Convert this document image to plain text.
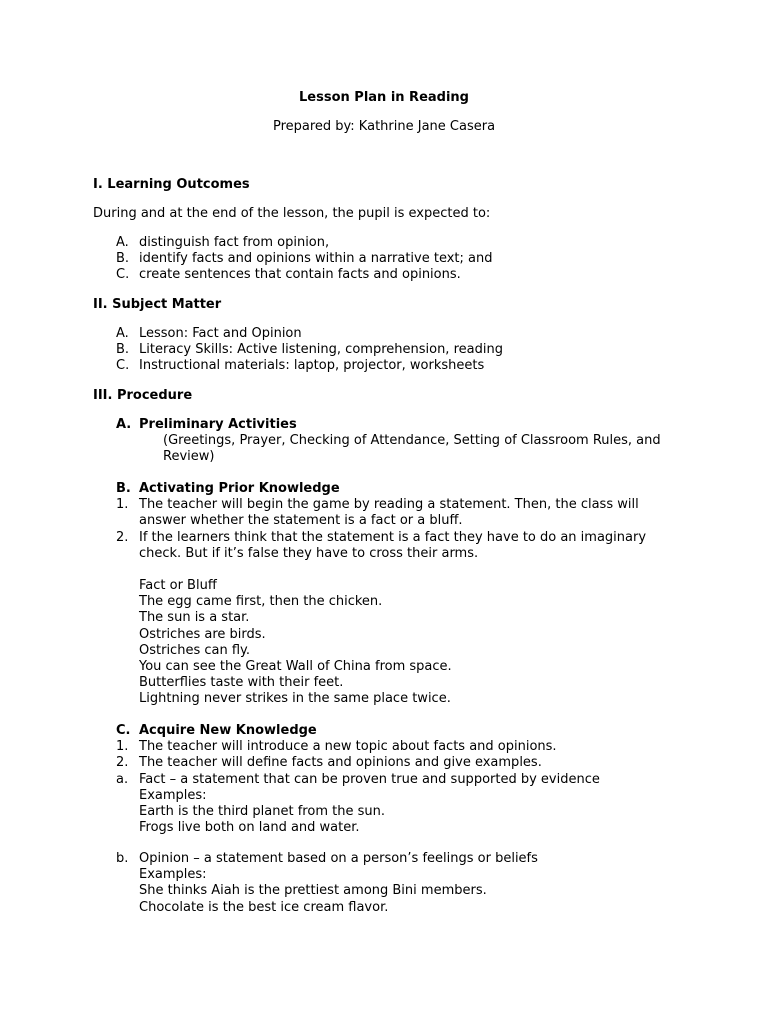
Lesson Plan in Reading
Prepared by: Kathrine Jane Casera
I. Learning Outcomes
During and at the end of the lesson, the pupil is expected to:
A. distinguish fact from opinion,
B. identify facts and opinions within a narrative text; and
C. create sentences that contain facts and opinions.
II. Subject Matter
A. Lesson: Fact and Opinion
B. Literacy Skills: Active listening, comprehension, reading
C. Instructional materials: laptop, projector, worksheets
III. Procedure
A. Preliminary Activities
(Greetings, Prayer, Checking of Attendance, Setting of Classroom Rules, and Review)
B. Activating Prior Knowledge
1. The teacher will begin the game by reading a statement. Then, the class will answer whether the statement is a fact or a bluff.
2. If the learners think that the statement is a fact they have to do an imaginary check. But if it’s false they have to cross their arms.
Fact or Bluff
The egg came first, then the chicken.
The sun is a star.
Ostriches are birds.
Ostriches can fly.
You can see the Great Wall of China from space.
Butterflies taste with their feet.
Lightning never strikes in the same place twice.
C. Acquire New Knowledge
1. The teacher will introduce a new topic about facts and opinions.
2. The teacher will define facts and opinions and give examples.
a. Fact – a statement that can be proven true and supported by evidence
Examples:
Earth is the third planet from the sun.
Frogs live both on land and water.
b. Opinion – a statement based on a person’s feelings or beliefs
Examples:
She thinks Aiah is the prettiest among Bini members.
Chocolate is the best ice cream flavor.
